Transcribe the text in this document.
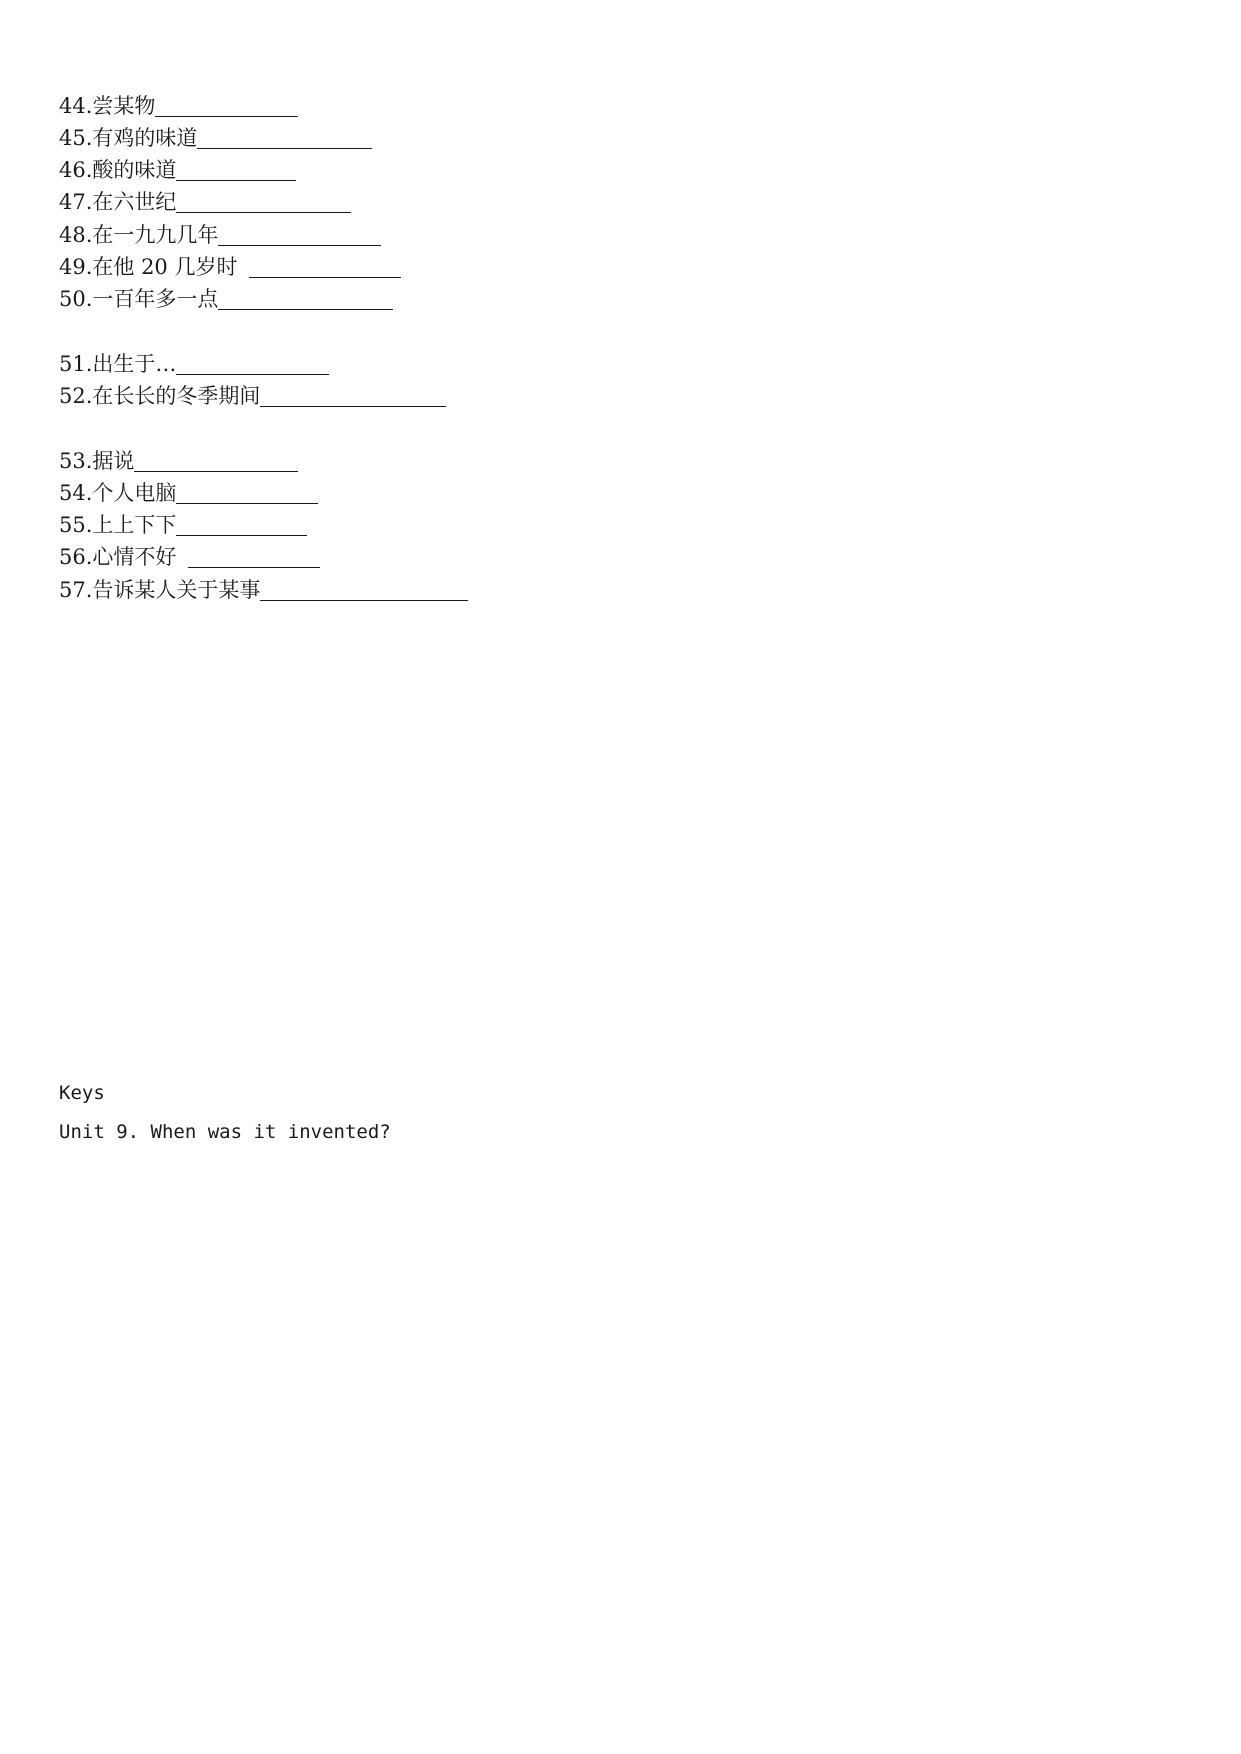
44.尝某物
45.有鸡的味道
46.酸的味道
47.在六世纪
48.在一九九几年
49.在他 20 几岁时
50.一百年多一点
51.出生于…
52.在长长的冬季期间
53.据说
54.个人电脑
55.上上下下
56.心情不好
57.告诉某人关于某事
Keys
Unit 9. When was it invented?
